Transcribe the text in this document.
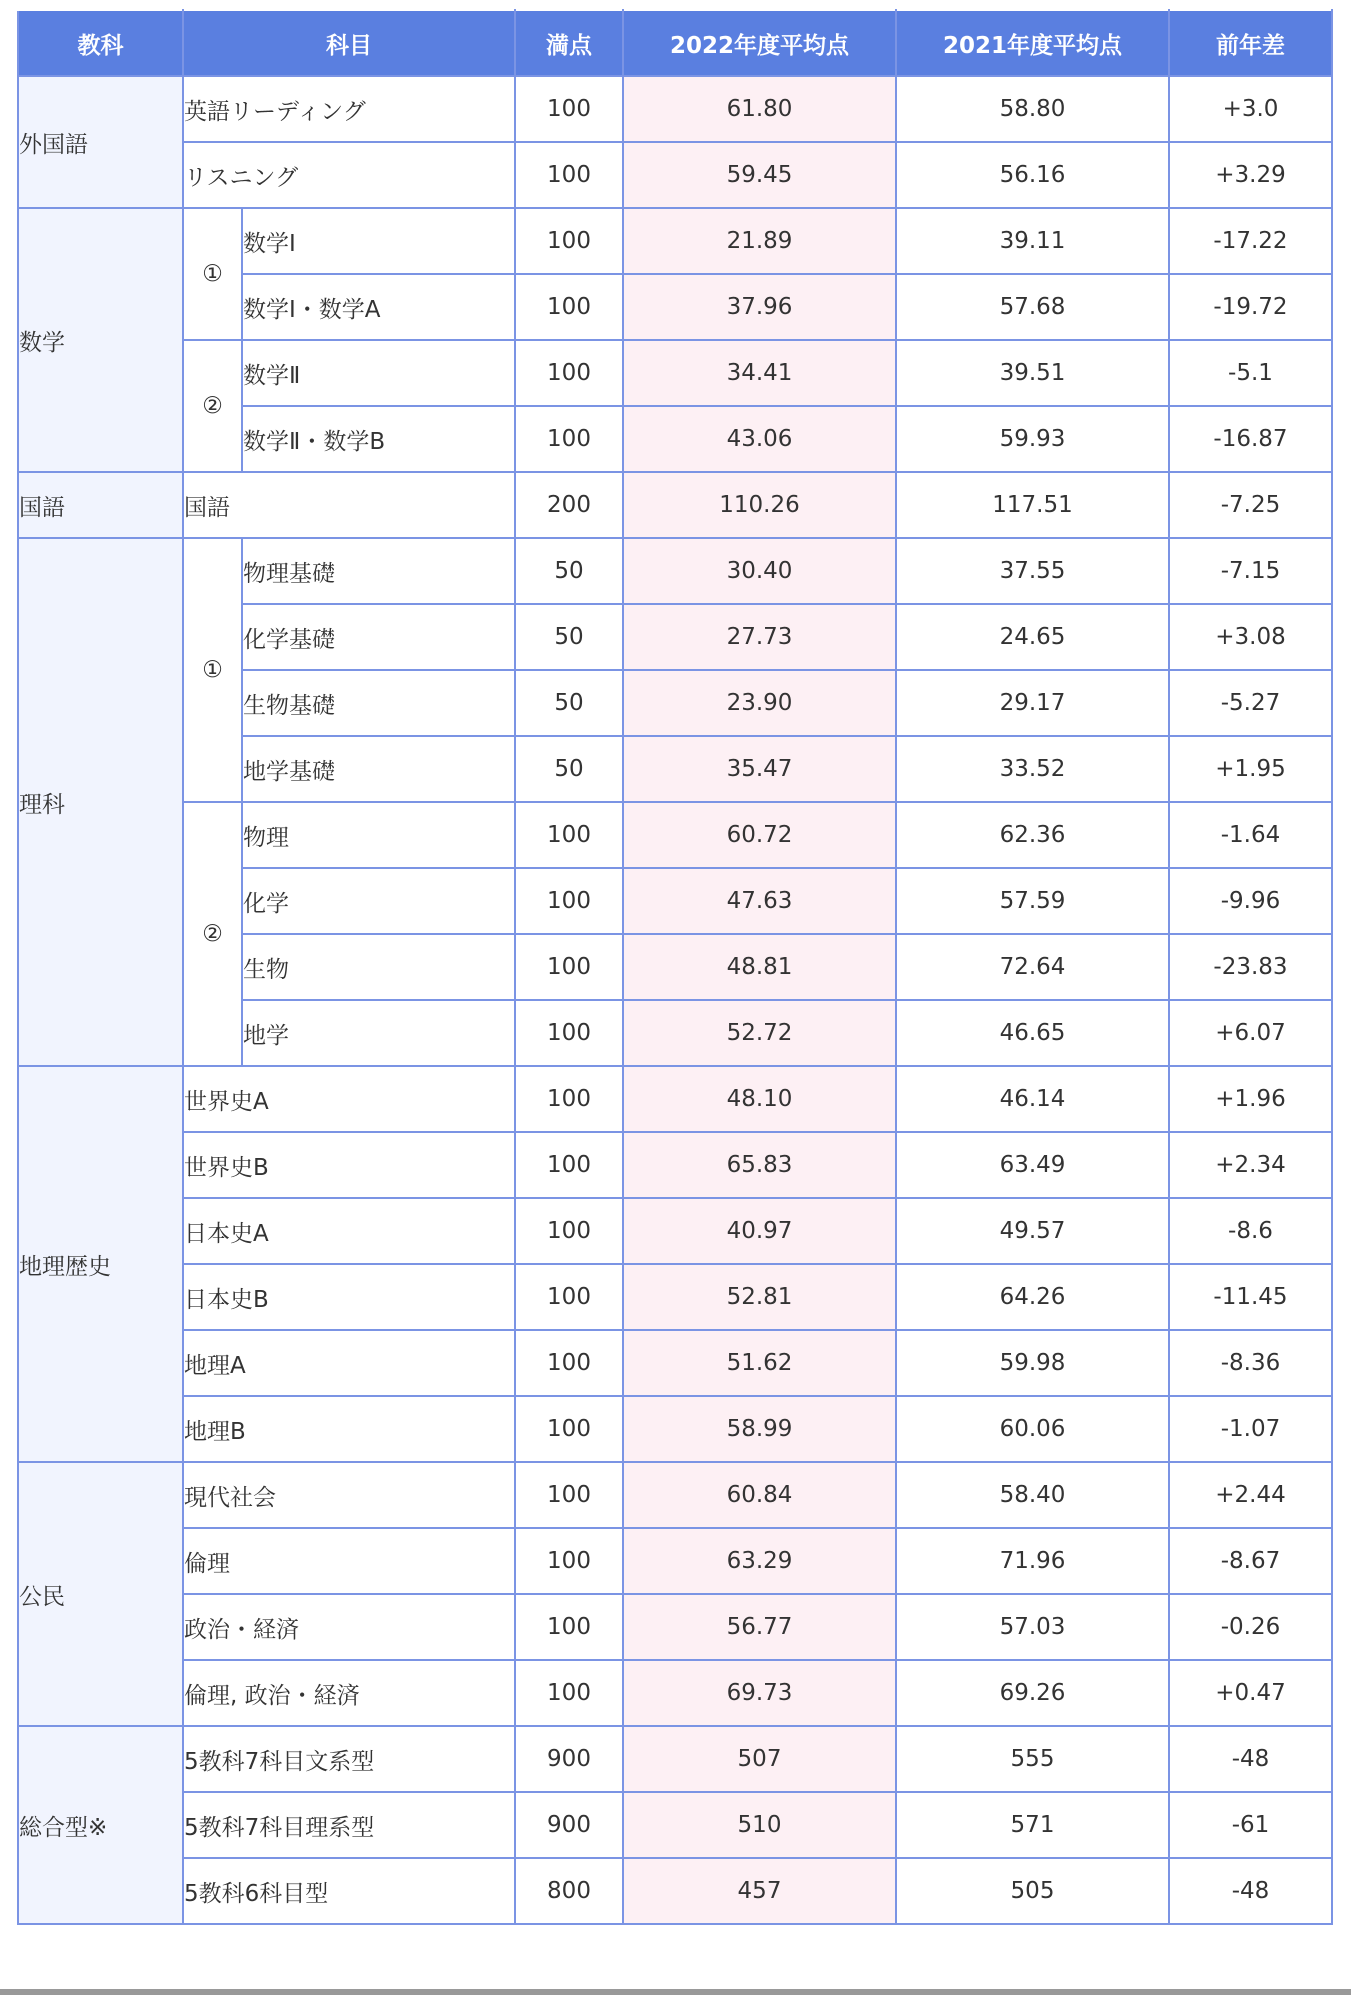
教科	科目		満点	2022年度平均点	2021年度平均点	前年差
外国語	英語リーディング		100	61.80	58.80	+3.0
	リスニング		100	59.45	56.16	+3.29
数学	①	数学Ⅰ	100	21.89	39.11	-17.22
		数学Ⅰ・数学A	100	37.96	57.68	-19.72
	②	数学Ⅱ	100	34.41	39.51	-5.1
		数学Ⅱ・数学B	100	43.06	59.93	-16.87
国語	国語		200	110.26	117.51	-7.25
理科	①	物理基礎	50	30.40	37.55	-7.15
		化学基礎	50	27.73	24.65	+3.08
		生物基礎	50	23.90	29.17	-5.27
		地学基礎	50	35.47	33.52	+1.95
	②	物理	100	60.72	62.36	-1.64
		化学	100	47.63	57.59	-9.96
		生物	100	48.81	72.64	-23.83
		地学	100	52.72	46.65	+6.07
地理歴史	世界史A		100	48.10	46.14	+1.96
	世界史B		100	65.83	63.49	+2.34
	日本史A		100	40.97	49.57	-8.6
	日本史B		100	52.81	64.26	-11.45
	地理A		100	51.62	59.98	-8.36
	地理B		100	58.99	60.06	-1.07
公民	現代社会		100	60.84	58.40	+2.44
	倫理		100	63.29	71.96	-8.67
	政治・経済		100	56.77	57.03	-0.26
	倫理, 政治・経済		100	69.73	69.26	+0.47
総合型※	5教科7科目文系型		900	507	555	-48
	5教科7科目理系型		900	510	571	-61
	5教科6科目型		800	457	505	-48
